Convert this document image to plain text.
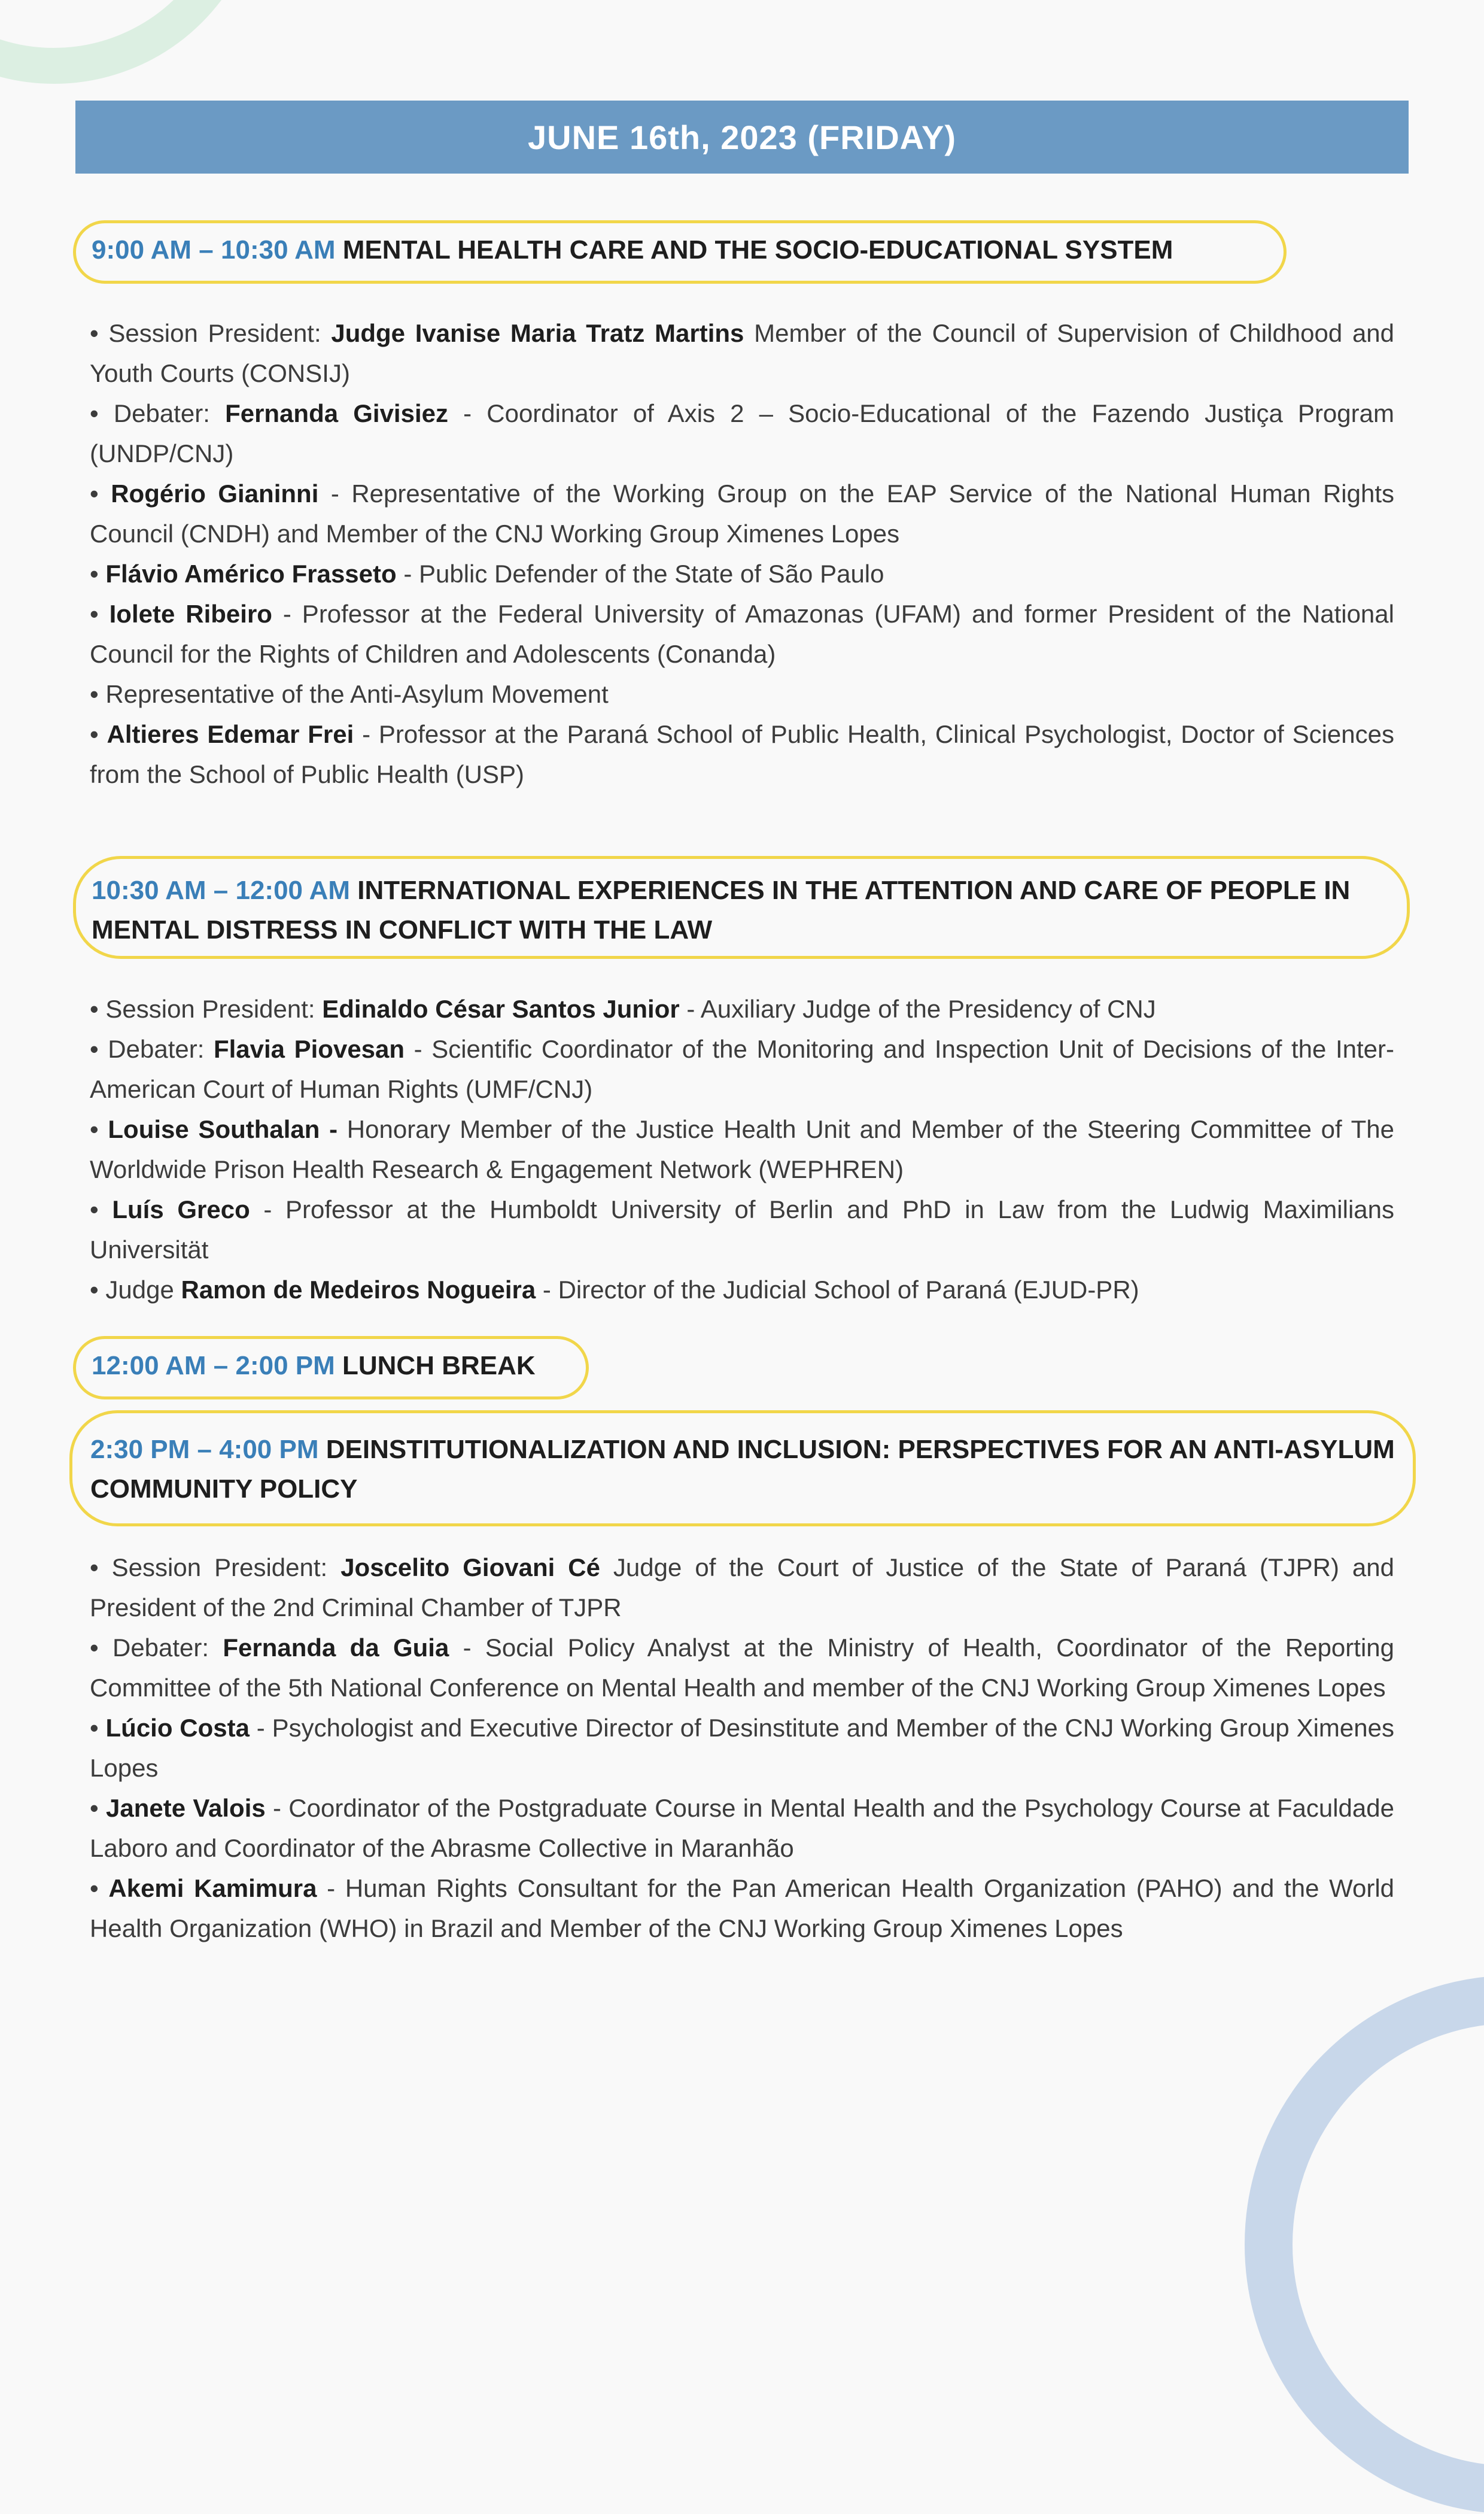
JUNE 16th, 2023 (FRIDAY)
9:00 AM – 10:30 AM MENTAL HEALTH CARE AND THE SOCIO-EDUCATIONAL SYSTEM

• Session President: Judge Ivanise Maria Tratz Martins Member of the Council of Supervision of Childhood and Youth Courts (CONSIJ)

• Debater: Fernanda Givisiez - Coordinator of Axis 2 – Socio-Educational of the Fazendo Justiça Program (UNDP/CNJ)

• Rogério Gianinni - Representative of the Working Group on the EAP Service of the National Human Rights Council (CNDH) and Member of the CNJ Working Group Ximenes Lopes

• Flávio Américo Frasseto - Public Defender of the State of São Paulo

• Iolete Ribeiro - Professor at the Federal University of Amazonas (UFAM) and former President of the National Council for the Rights of Children and Adolescents (Conanda)

• Representative of the Anti-Asylum Movement

• Altieres Edemar Frei - Professor at the Paraná School of Public Health, Clinical Psychologist, Doctor of Sciences from the School of Public Health (USP)

10:30 AM – 12:00 AM INTERNATIONAL EXPERIENCES IN THE ATTENTION AND CARE OF PEOPLE IN MENTAL DISTRESS IN CONFLICT WITH THE LAW

• Session President: Edinaldo César Santos Junior - Auxiliary Judge of the Presidency of CNJ

• Debater: Flavia Piovesan - Scientific Coordinator of the Monitoring and Inspection Unit of Decisions of the Inter-American Court of Human Rights (UMF/CNJ)

• Louise Southalan - Honorary Member of the Justice Health Unit and Member of the Steering Committee of The Worldwide Prison Health Research & Engagement Network (WEPHREN)

• Luís Greco - Professor at the Humboldt University of Berlin and PhD in Law from the Ludwig Maximilians Universität

• Judge Ramon de Medeiros Nogueira - Director of the Judicial School of Paraná (EJUD-PR)

12:00 AM – 2:00 PM LUNCH BREAK
2:30 PM – 4:00 PM DEINSTITUTIONALIZATION AND INCLUSION: PERSPECTIVES FOR AN ANTI-ASYLUM COMMUNITY POLICY

• Session President: Joscelito Giovani Cé Judge of the Court of Justice of the State of Paraná (TJPR) and President of the 2nd Criminal Chamber of TJPR

• Debater: Fernanda da Guia - Social Policy Analyst at the Ministry of Health, Coordinator of the Reporting Committee of the 5th National Conference on Mental Health and member of the CNJ Working Group Ximenes Lopes

• Lúcio Costa - Psychologist and Executive Director of Desinstitute and Member of the CNJ Working Group Ximenes Lopes

• Janete Valois - Coordinator of the Postgraduate Course in Mental Health and the Psychology Course at Faculdade Laboro and Coordinator of the Abrasme Collective in Maranhão

• Akemi Kamimura - Human Rights Consultant for the Pan American Health Organization (PAHO) and the World Health Organization (WHO) in Brazil and Member of the CNJ Working Group Ximenes Lopes
